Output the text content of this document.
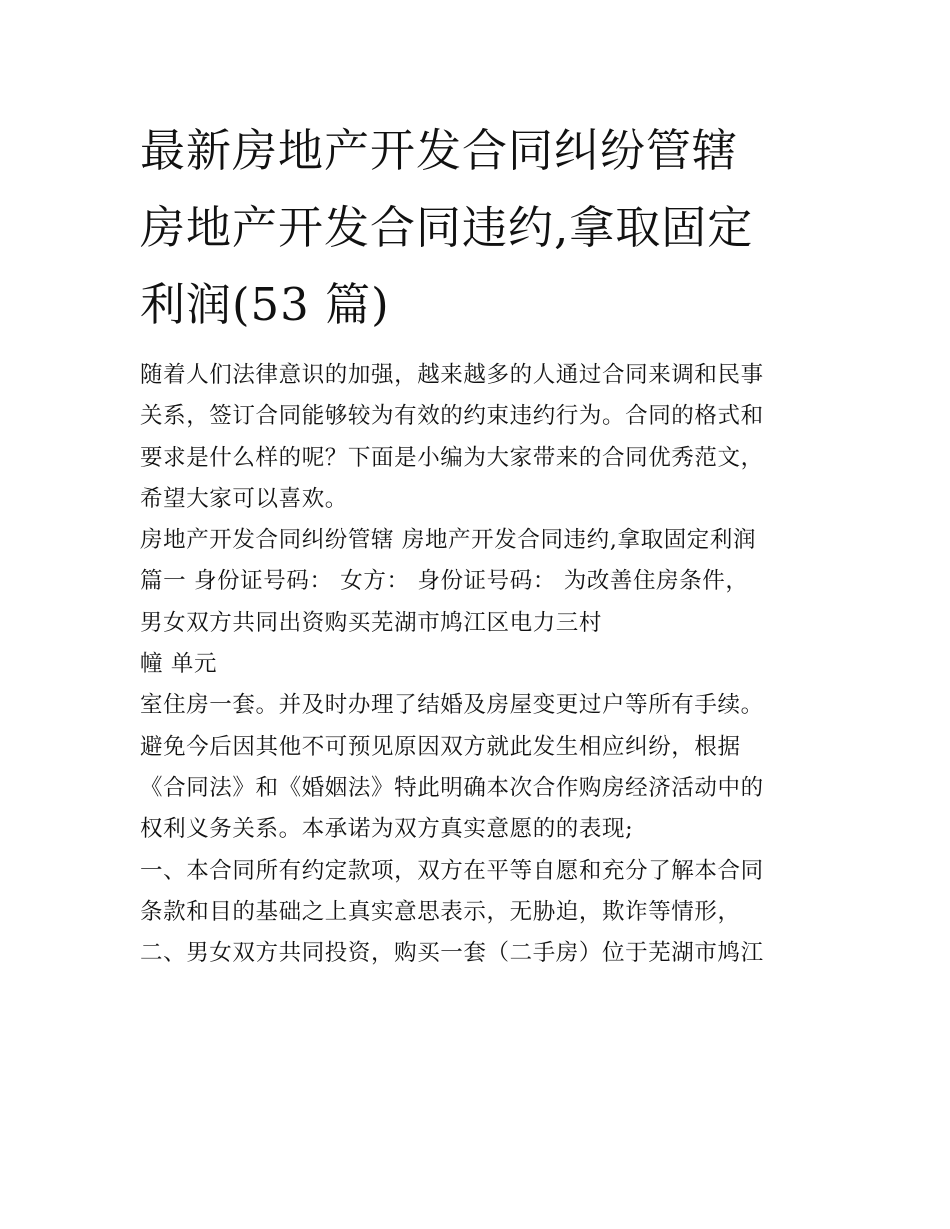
最新房地产开发合同纠纷管辖
房地产开发合同违约,拿取固定
利润(53 篇)
随着人们法律意识的加强，越来越多的人通过合同来调和民事
关系，签订合同能够较为有效的约束违约行为。合同的格式和
要求是什么样的呢？下面是小编为大家带来的合同优秀范文，
希望大家可以喜欢。
房地产开发合同纠纷管辖 房地产开发合同违约,拿取固定利润
篇一 身份证号码： 女方： 身份证号码： 为改善住房条件，
男女双方共同出资购买芜湖市鸠江区电力三村
幢 单元
室住房一套。并及时办理了结婚及房屋变更过户等所有手续。
避免今后因其他不可预见原因双方就此发生相应纠纷，根据
《合同法》和《婚姻法》特此明确本次合作购房经济活动中的
权利义务关系。本承诺为双方真实意愿的的表现;
一、本合同所有约定款项，双方在平等自愿和充分了解本合同
条款和目的基础之上真实意思表示，无胁迫，欺诈等情形，
二、男女双方共同投资，购买一套（二手房）位于芜湖市鸠江
